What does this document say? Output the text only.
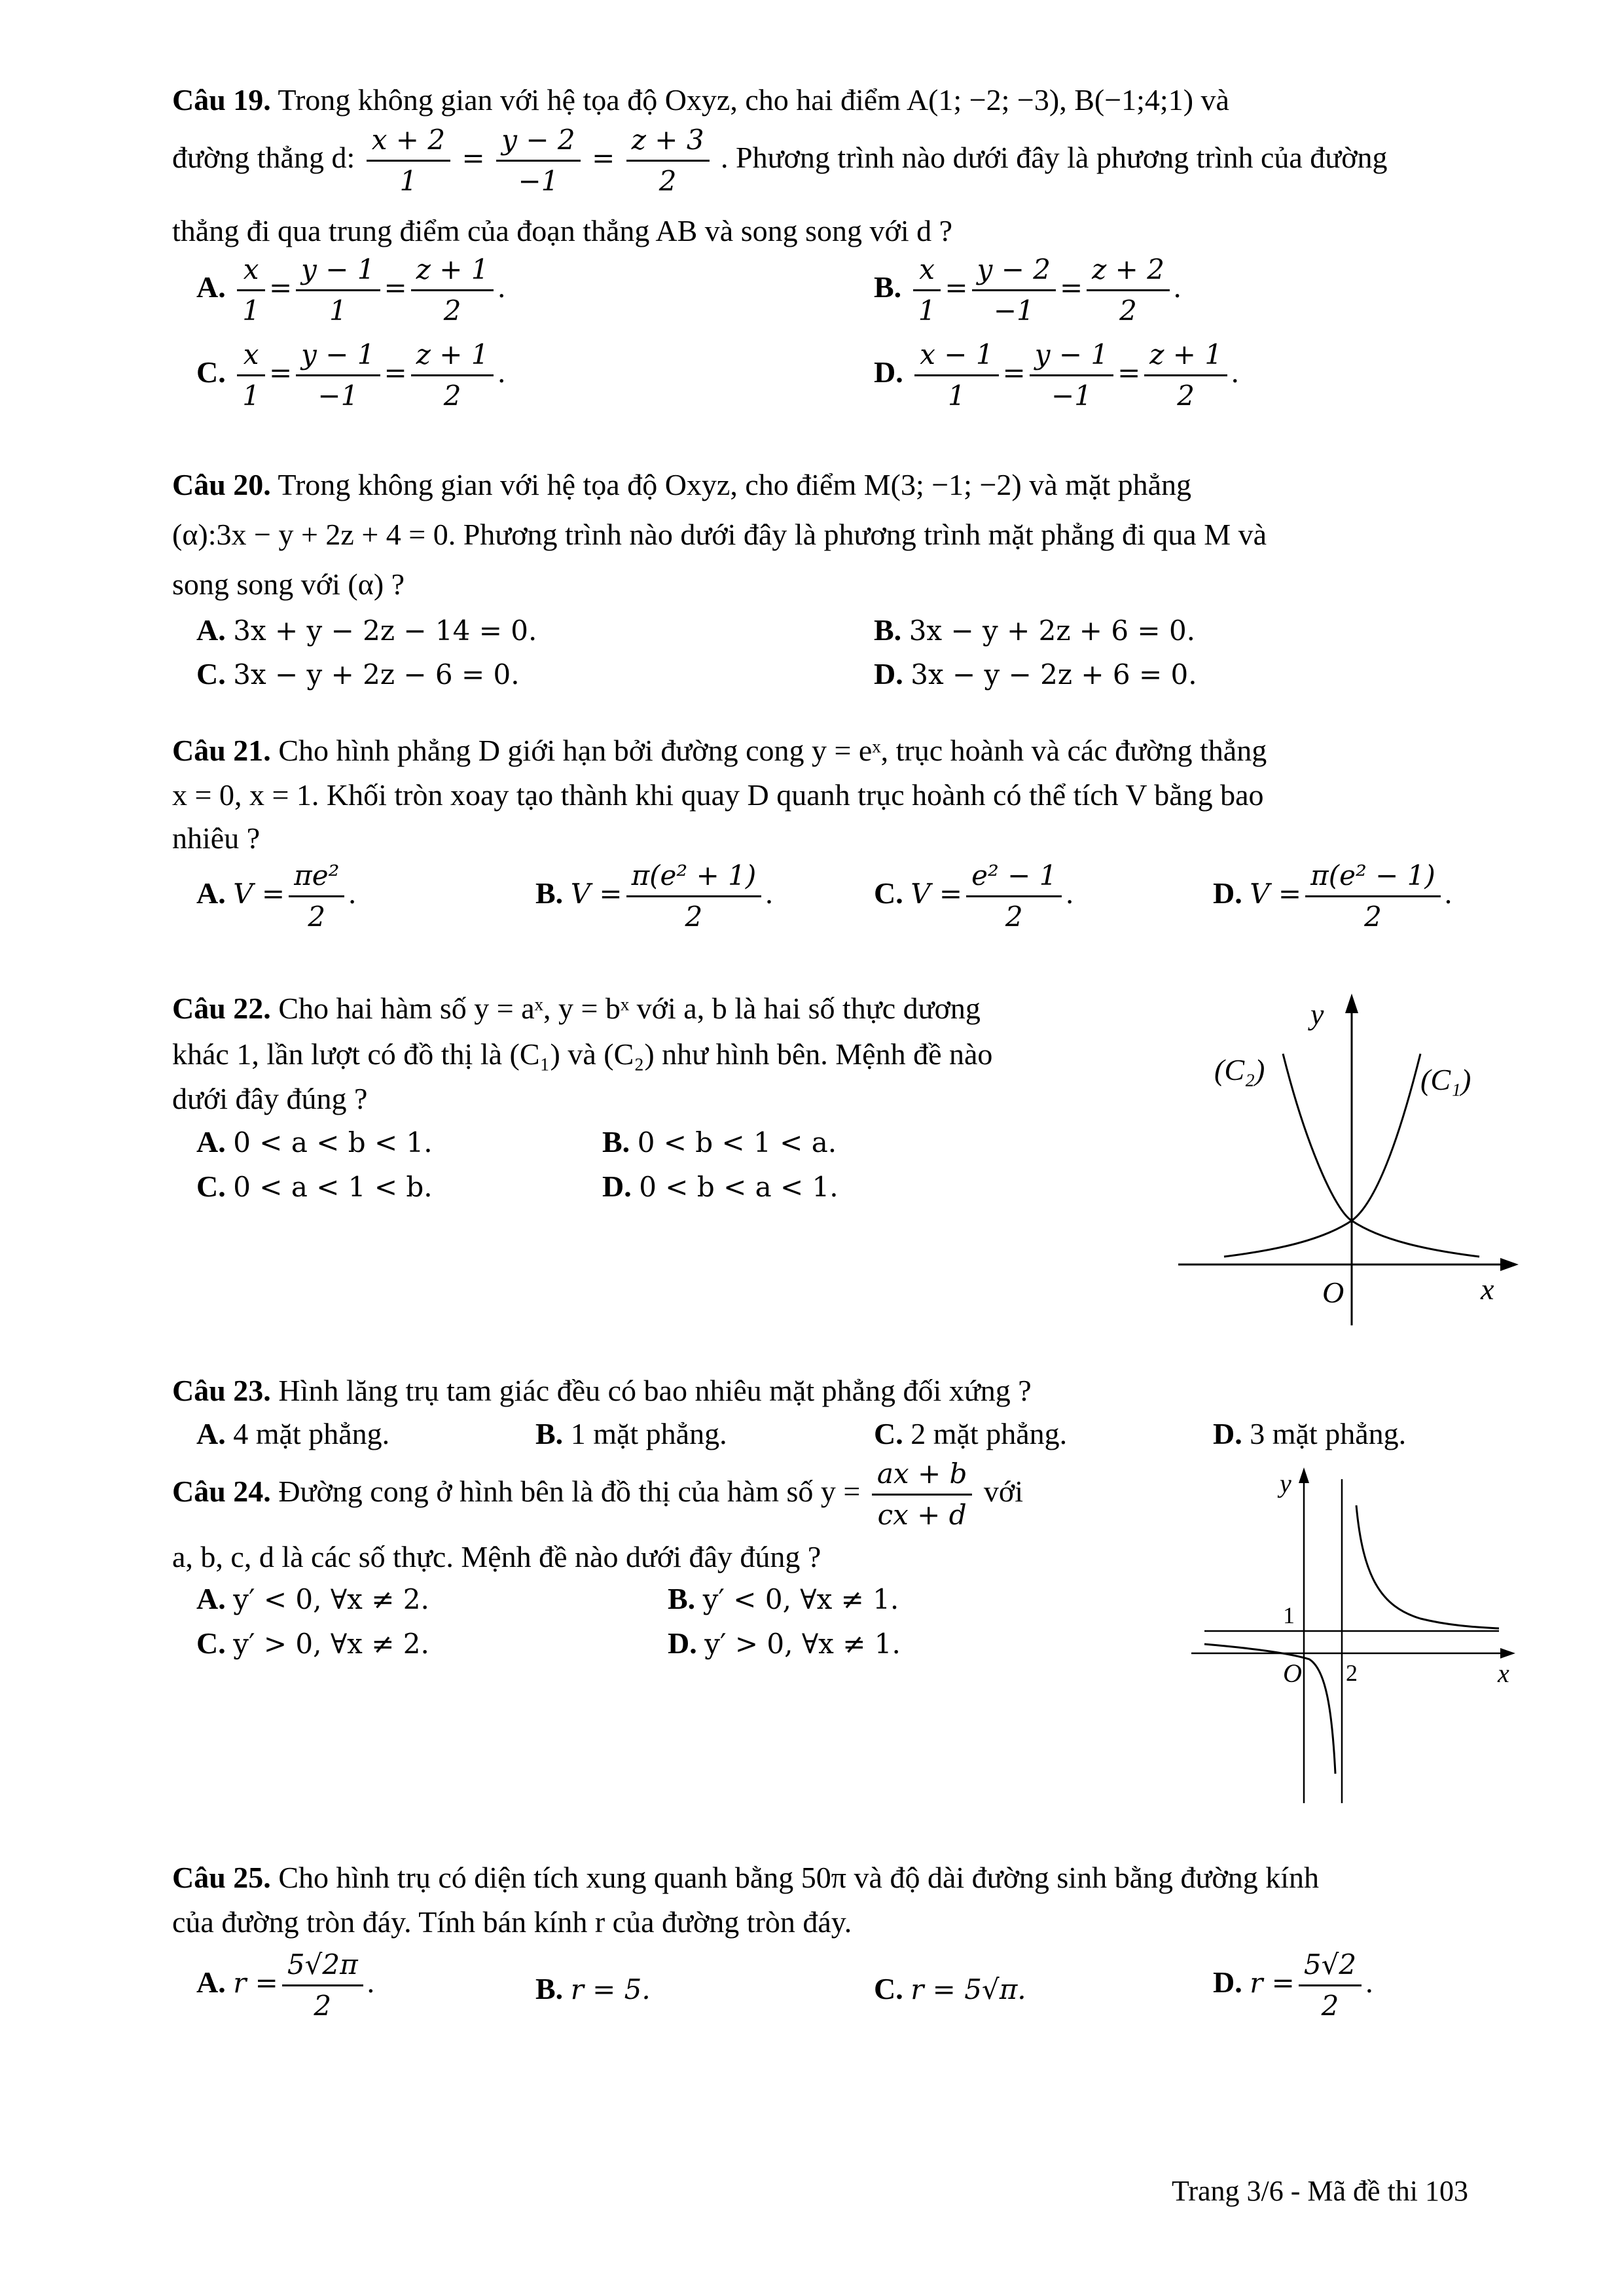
Câu 19. Trong không gian với hệ tọa độ Oxyz, cho hai điểm A(1; −2; −3), B(−1;4;1) và
đường thẳng d: $\frac{x + 2}{1} = \frac{y - 2}{-1} = \frac{z + 3}{2}$ . Phương trình nào dưới đây là phương trình của đường
thẳng đi qua trung điểm của đoạn thẳng AB và song song với d ?
A. $\frac{x}{1} = \frac{y - 1}{1} = \frac{z + 1}{2}$ .	B. $\frac{x}{1} = \frac{y - 2}{-1} = \frac{z + 2}{2}$ .
C. $\frac{x}{1} = \frac{y - 1}{-1} = \frac{z + 1}{2}$ .	D. $\frac{x - 1}{1} = \frac{y - 1}{-1} = \frac{z + 1}{2}$ .
Câu 20. Trong không gian với hệ tọa độ Oxyz, cho điểm M(3; −1; −2) và mặt phẳng
(α):3x − y + 2z + 4 = 0. Phương trình nào dưới đây là phương trình mặt phẳng đi qua M và
song song với (α) ?
A. 3x + y − 2z − 14 = 0.	B. 3x − y + 2z + 6 = 0.
C. 3x − y + 2z − 6 = 0.	D. 3x − y − 2z + 6 = 0.
Câu 21. Cho hình phẳng D giới hạn bởi đường cong y = eˣ, trục hoành và các đường thẳng
x = 0, x = 1. Khối tròn xoay tạo thành khi quay D quanh trục hoành có thể tích V bằng bao
nhiêu ?
A. $V = \frac{\text{πe²}}{2}$ .	B. $V = \frac{\text{π(e² + 1)}}{2}$ .	C. $V = \frac{\text{e² − 1}}{2}$ .	D. $V = \frac{\text{π(e² − 1)}}{2}$ .
Câu 22. Cho hai hàm số y = aˣ, y = bˣ với a, b là hai số thực dương
khác 1, lần lượt có đồ thị là (C₁) và (C₂) như hình bên. Mệnh đề nào
dưới đây đúng ?
A. 0 < a < b < 1.	B. 0 < b < 1 < a.
C. 0 < a < 1 < b.	D. 0 < b < a < 1.
y
x
O
(C₂)	(C₁)
Câu 23. Hình lăng trụ tam giác đều có bao nhiêu mặt phẳng đối xứng ?
A. 4 mặt phẳng.	B. 1 mặt phẳng.	C. 2 mặt phẳng.	D. 3 mặt phẳng.
Câu 24. Đường cong ở hình bên là đồ thị của hàm số $y = \frac{ax + b}{cx + d}$ với
a, b, c, d là các số thực. Mệnh đề nào dưới đây đúng ?
A. y′ < 0, ∀x ≠ 2.	B. y′ < 0, ∀x ≠ 1.
C. y′ > 0, ∀x ≠ 2.	D. y′ > 0, ∀x ≠ 1.
y
x
O
1
2
Câu 25. Cho hình trụ có diện tích xung quanh bằng 50π và độ dài đường sinh bằng đường kính
của đường tròn đáy. Tính bán kính r của đường tròn đáy.
A. $r = \frac{5√2\pi}{2}$ .	B. r = 5.	C. r = 5√π.	D. $r = \frac{5√2}{2}$ .
Trang 3/6 - Mã đề thi 103
